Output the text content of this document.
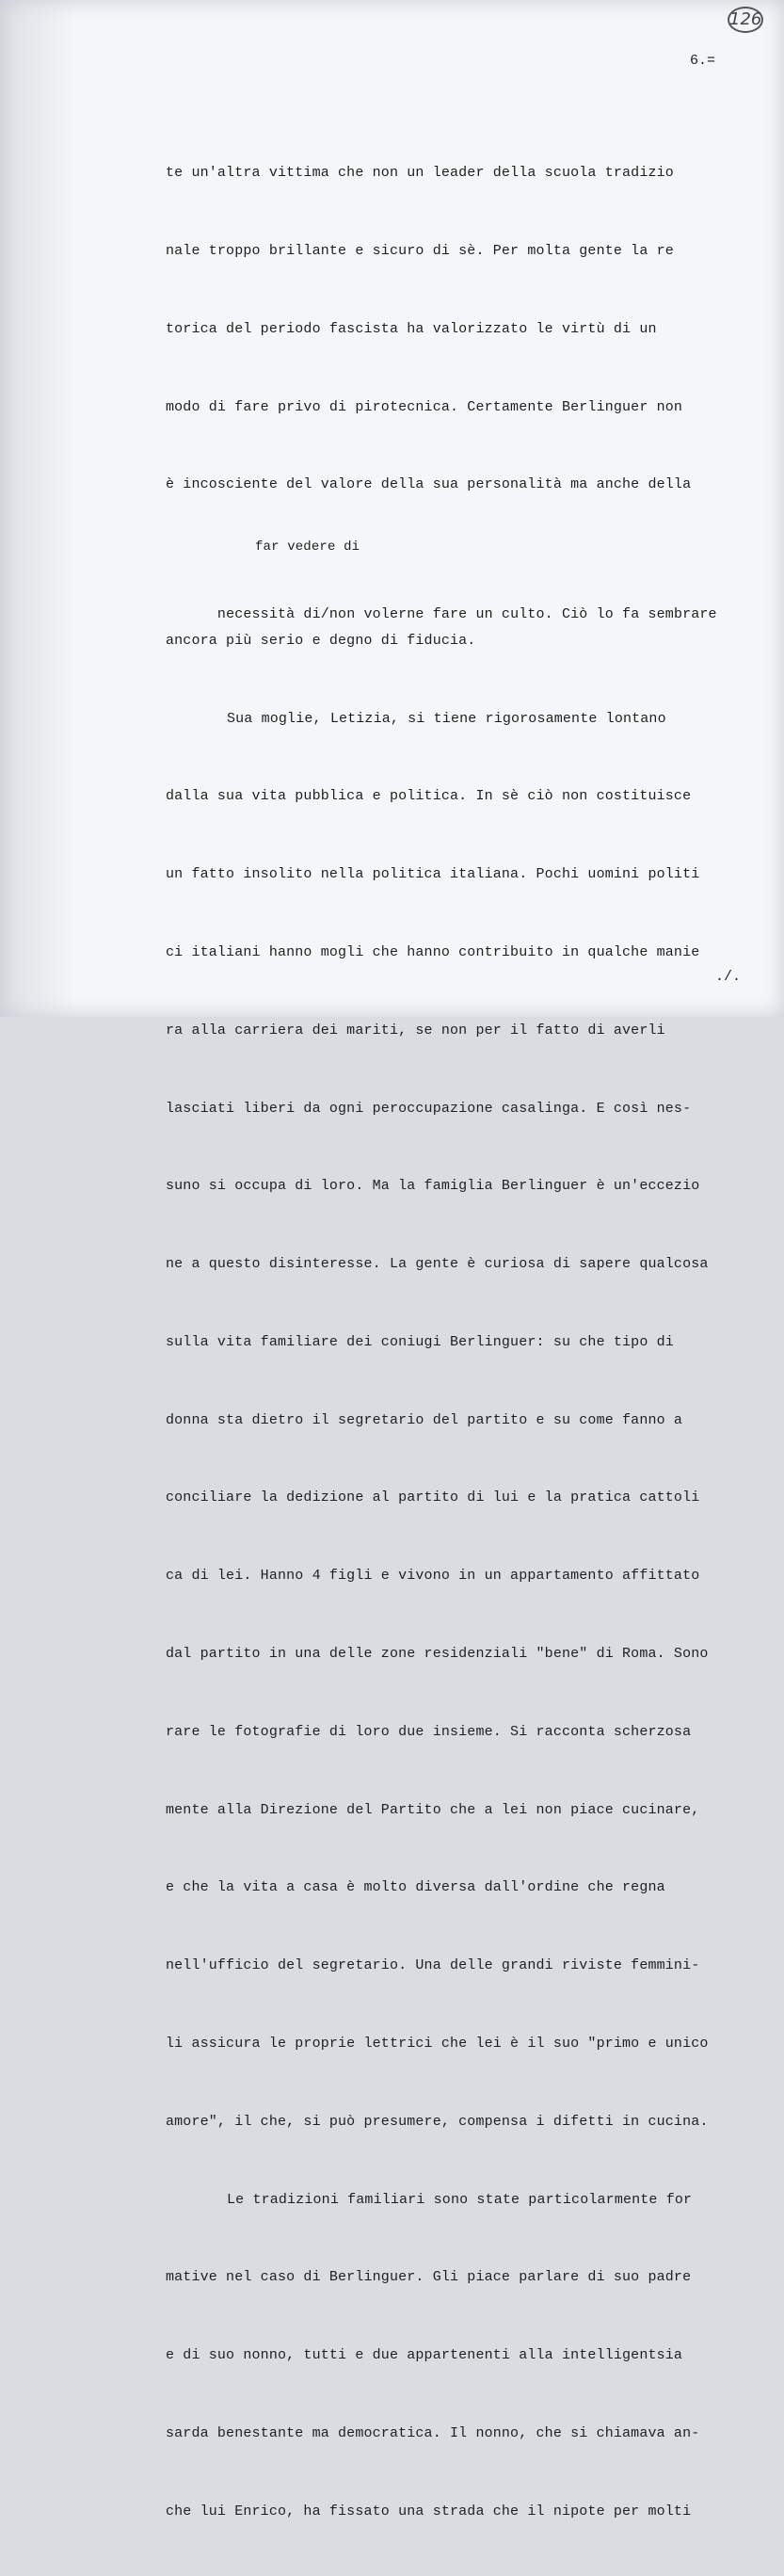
126
6.=

te un'altra vittima che non un leader della scuola tradizio

nale troppo brillante e sicuro di sè. Per molta gente la re

torica del periodo fascista ha valorizzato le virtù di un

modo di fare privo di pirotecnica. Certamente Berlinguer non

è incosciente del valore della sua personalità ma anche della

far vedere di

necessità di/non volerne fare un culto. Ciò lo fa sembrare

ancora più serio e degno di fiducia.

Sua moglie, Letizia, si tiene rigorosamente lontano

dalla sua vita pubblica e politica. In sè ciò non costituisce

un fatto insolito nella politica italiana. Pochi uomini politi

ci italiani hanno mogli che hanno contribuito in qualche manie

ra alla carriera dei mariti, se non per il fatto di averli

lasciati liberi da ogni peroccupazione casalinga. E così nes-

suno si occupa di loro. Ma la famiglia Berlinguer è un'eccezio

ne a questo disinteresse. La gente è curiosa di sapere qualcosa

sulla vita familiare dei coniugi Berlinguer: su che tipo di

donna sta dietro il segretario del partito e su come fanno a

conciliare la dedizione al partito di lui e la pratica cattoli

ca di lei. Hanno 4 figli e vivono in un appartamento affittato

dal partito in una delle zone residenziali "bene" di Roma. Sono

rare le fotografie di loro due insieme. Si racconta scherzosa

mente alla Direzione del Partito che a lei non piace cucinare,

e che la vita a casa è molto diversa dall'ordine che regna

nell'ufficio del segretario. Una delle grandi riviste femmini-

li assicura le proprie lettrici che lei è il suo "primo e unico

amore", il che, si può presumere, compensa i difetti in cucina.

Le tradizioni familiari sono state particolarmente for

mative nel caso di Berlinguer. Gli piace parlare di suo padre

e di suo nonno, tutti e due appartenenti alla intelligentsia

sarda benestante ma democratica. Il nonno, che si chiamava an-

che lui Enrico, ha fissato una strada che il nipote per molti

./.
